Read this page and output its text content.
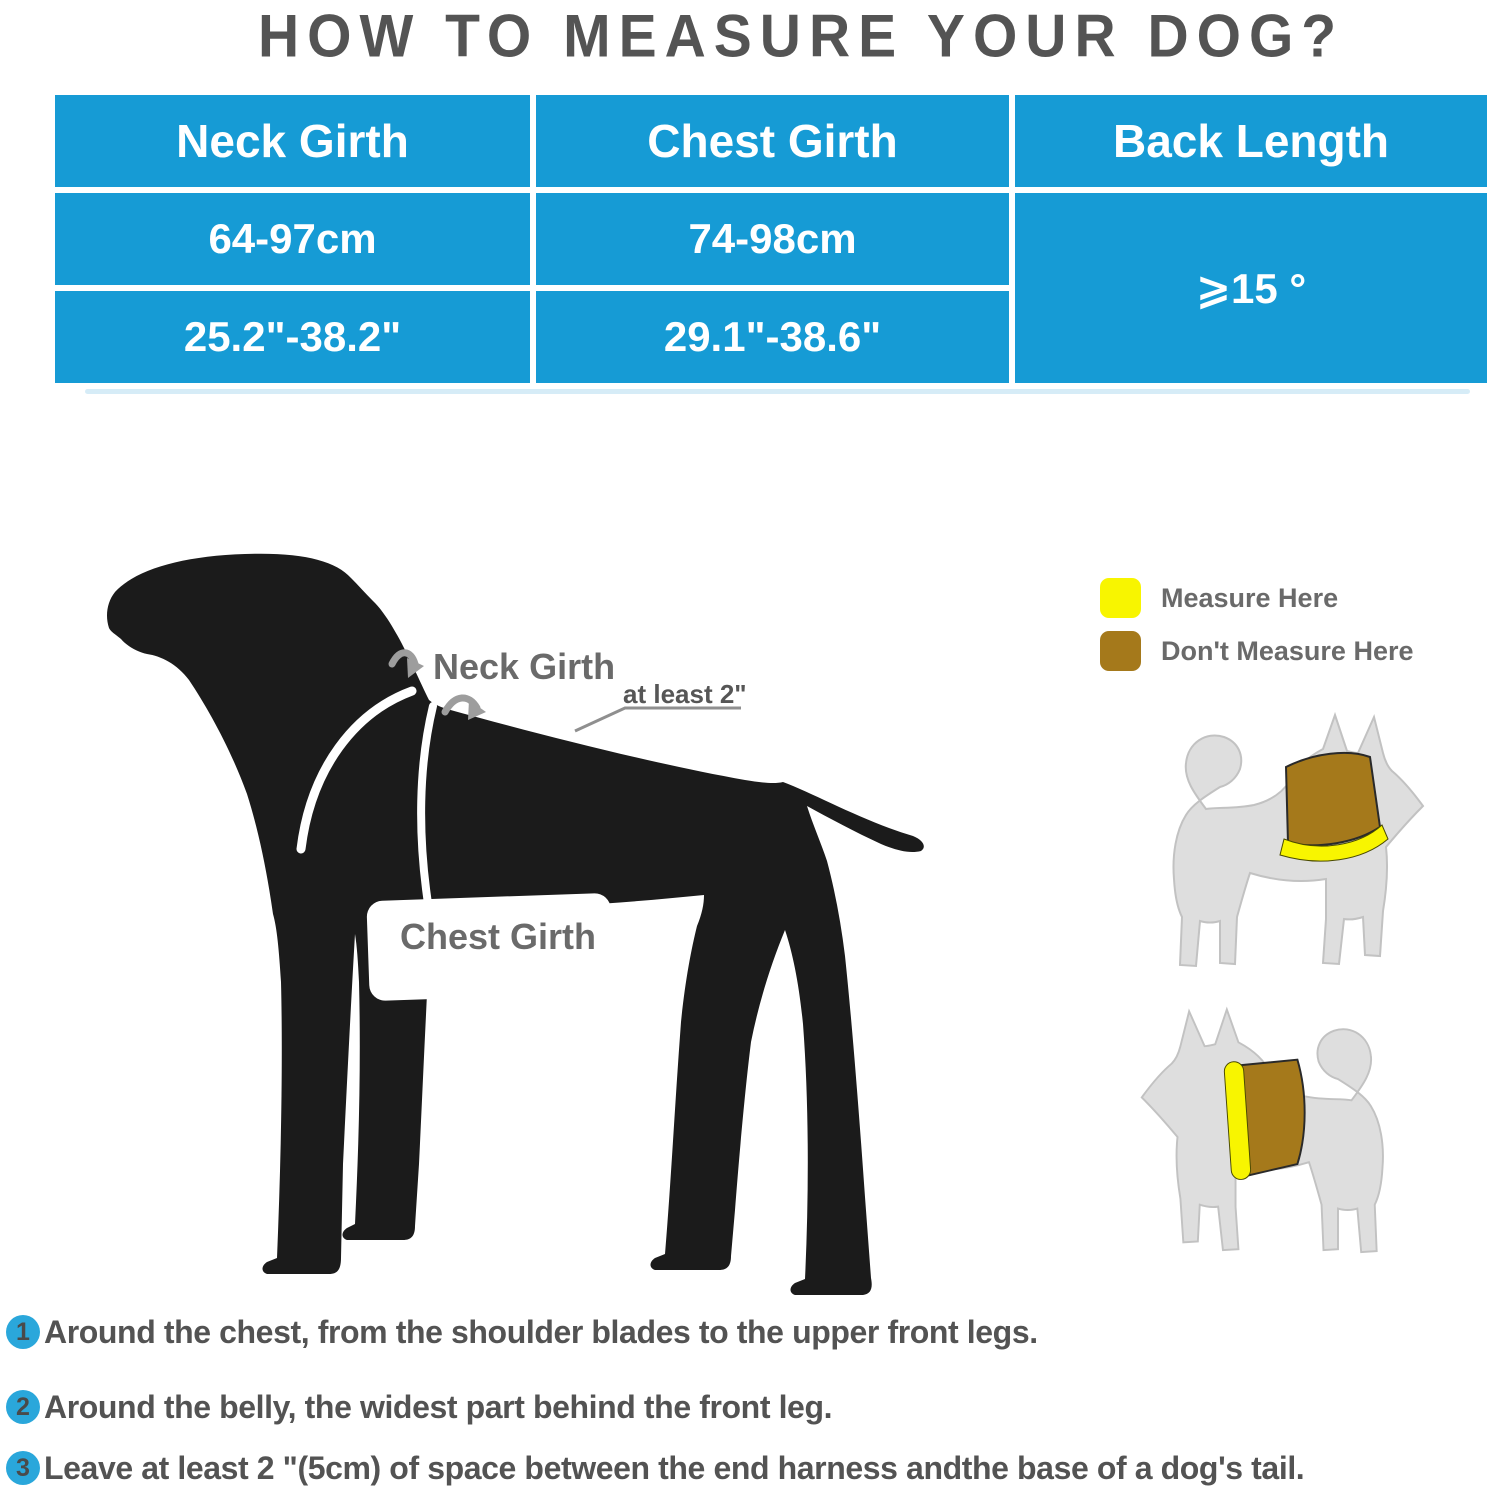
HOW TO MEASURE YOUR DOG?
Neck Girth	Chest Girth	Back Length
64-97cm	74-98cm
⩾15 °
25.2"-38.2"	29.1"-38.6"
Neck Girth
Chest Girth
at least 2"
Measure Here
Don't Measure Here
1 Around the chest, from the shoulder blades to the upper front legs.
2 Around the belly, the widest part behind the front leg.
3 Leave at least 2 "(5cm) of space between the end harness andthe base of a dog's tail.
